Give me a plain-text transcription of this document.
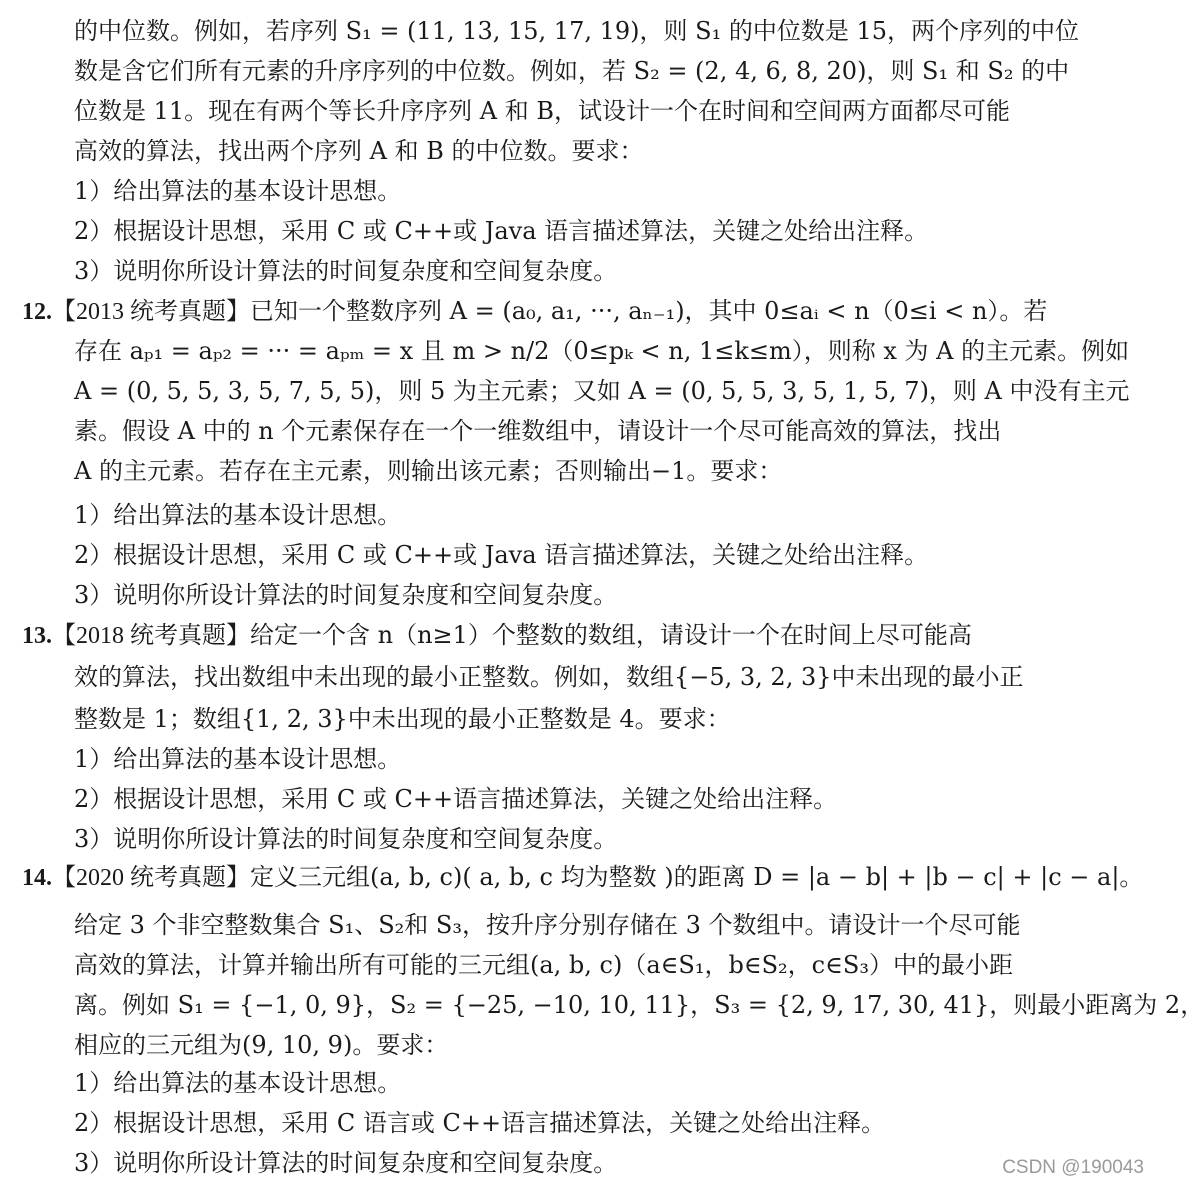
的中位数。例如，若序列 S₁ = (11, 13, 15, 17, 19)，则 S₁ 的中位数是 15，两个序列的中位
数是含它们所有元素的升序序列的中位数。例如，若 S₂ = (2, 4, 6, 8, 20)，则 S₁ 和 S₂ 的中
位数是 11。现在有两个等长升序序列 A 和 B，试设计一个在时间和空间两方面都尽可能
高效的算法，找出两个序列 A 和 B 的中位数。要求：
1）给出算法的基本设计思想。
2）根据设计思想，采用 C 或 C++或 Java 语言描述算法，关键之处给出注释。
3）说明你所设计算法的时间复杂度和空间复杂度。
12.【2013 统考真题】已知一个整数序列 A = (a₀, a₁, ···, aₙ₋₁)，其中 0≤aᵢ < n（0≤i < n）。若
存在 aₚ₁ = aₚ₂ = ··· = aₚₘ = x 且 m > n/2（0≤pₖ < n, 1≤k≤m），则称 x 为 A 的主元素。例如
A = (0, 5, 5, 3, 5, 7, 5, 5)，则 5 为主元素；又如 A = (0, 5, 5, 3, 5, 1, 5, 7)，则 A 中没有主元
素。假设 A 中的 n 个元素保存在一个一维数组中，请设计一个尽可能高效的算法，找出
A 的主元素。若存在主元素，则输出该元素；否则输出−1。要求：
1）给出算法的基本设计思想。
2）根据设计思想，采用 C 或 C++或 Java 语言描述算法，关键之处给出注释。
3）说明你所设计算法的时间复杂度和空间复杂度。
13.【2018 统考真题】给定一个含 n（n≥1）个整数的数组，请设计一个在时间上尽可能高
效的算法，找出数组中未出现的最小正整数。例如，数组{−5, 3, 2, 3}中未出现的最小正
整数是 1；数组{1, 2, 3}中未出现的最小正整数是 4。要求：
1）给出算法的基本设计思想。
2）根据设计思想，采用 C 或 C++语言描述算法，关键之处给出注释。
3）说明你所设计算法的时间复杂度和空间复杂度。
14.【2020 统考真题】定义三元组(a, b, c)( a, b, c 均为整数 )的距离 D = |a − b| + |b − c| + |c − a|。
给定 3 个非空整数集合 S₁、S₂和 S₃，按升序分别存储在 3 个数组中。请设计一个尽可能
高效的算法，计算并输出所有可能的三元组(a, b, c)（a∈S₁，b∈S₂，c∈S₃）中的最小距
离。例如 S₁ = {−1, 0, 9}，S₂ = {−25, −10, 10, 11}，S₃ = {2, 9, 17, 30, 41}，则最小距离为 2，
相应的三元组为(9, 10, 9)。要求：
1）给出算法的基本设计思想。
2）根据设计思想，采用 C 语言或 C++语言描述算法，关键之处给出注释。
3）说明你所设计算法的时间复杂度和空间复杂度。	CSDN @190043
